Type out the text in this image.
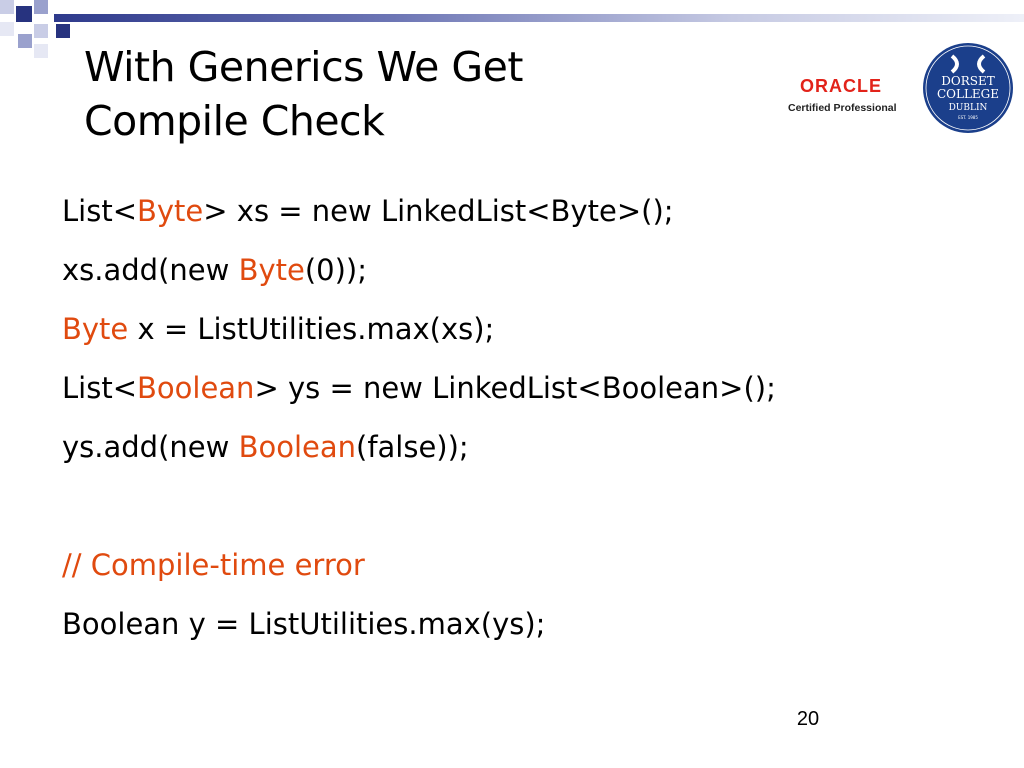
With Generics We Get
Compile Check
ORACLE
Certified Professional
DORSET
COLLEGE
DUBLIN
EST. 1985
List<Byte> xs = new LinkedList<Byte>();
xs.add(new Byte(0));
Byte x = ListUtilities.max(xs);
List<Boolean> ys = new LinkedList<Boolean>();
ys.add(new Boolean(false));
// Compile-time error
Boolean y = ListUtilities.max(ys);
20
